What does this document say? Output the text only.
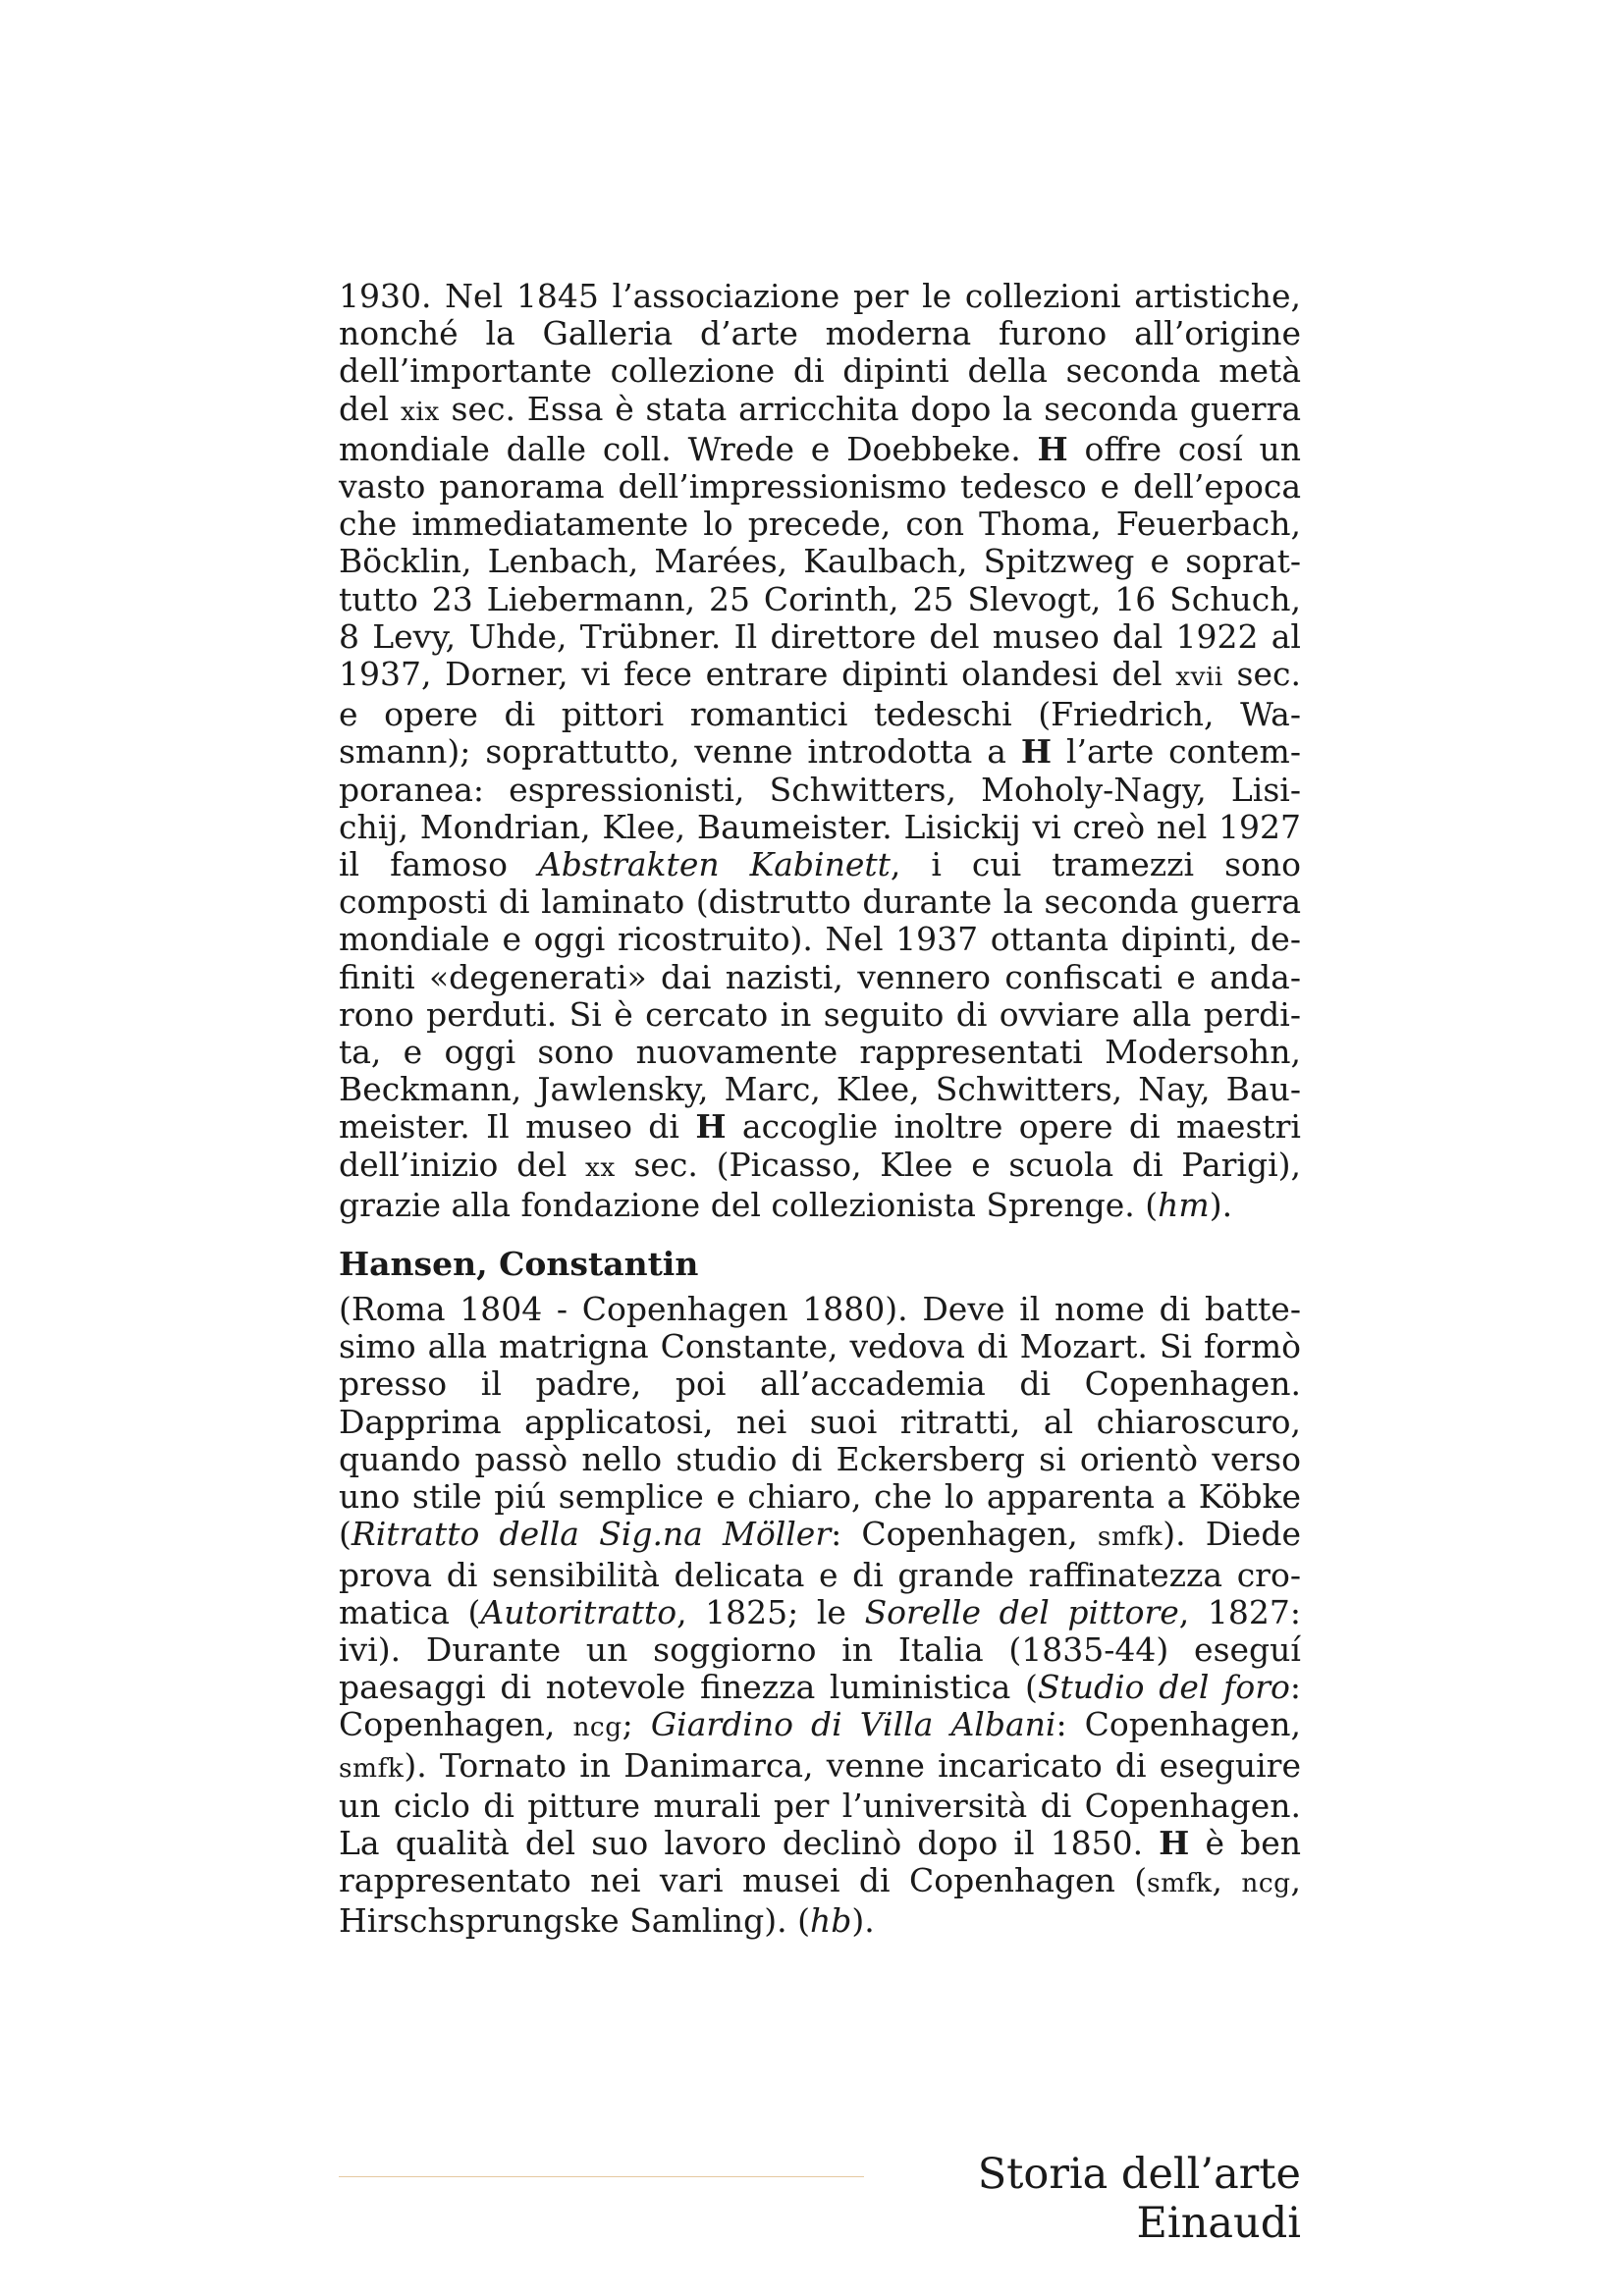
1930. Nel 1845 l’associazione per le collezioni artistiche, nonché la Galleria d’arte moderna furono all’origine dell’importante collezione di dipinti della seconda metà del xix sec. Essa è stata arricchita dopo la seconda guerra mondiale dalle coll. Wrede e Doebbeke. H offre cosí un vasto panorama dell’impressionismo tedesco e dell’epoca che immediatamente lo precede, con Thoma, Feuerbach, Böcklin, Lenbach, Marées, Kaulbach, Spitzweg e soprattutto 23 Liebermann, 25 Corinth, 25 Slevogt, 16 Schuch, 8 Levy, Uhde, Trübner. Il direttore del museo dal 1922 al 1937, Dorner, vi fece entrare dipinti olandesi del xvii sec. e opere di pittori romantici tedeschi (Friedrich, Wasmann); soprattutto, venne introdotta a H l’arte contemporanea: espressionisti, Schwitters, Moholy-Nagy, Lisichij, Mondrian, Klee, Baumeister. Lisickij vi creò nel 1927 il famoso Abstrakten Kabinett, i cui tramezzi sono composti di laminato (distrutto durante la seconda guerra mondiale e oggi ricostruito). Nel 1937 ottanta dipinti, definiti «degenerati» dai nazisti, vennero confiscati e andarono perduti. Si è cercato in seguito di ovviare alla perdita, e oggi sono nuovamente rappresentati Modersohn, Beckmann, Jawlensky, Marc, Klee, Schwitters, Nay, Baumeister. Il museo di H accoglie inoltre opere di maestri dell’inizio del xx sec. (Picasso, Klee e scuola di Parigi), grazie alla fondazione del collezionista Sprenge. (hm).

Hansen, Constantin

(Roma 1804 - Copenhagen 1880). Deve il nome di battesimo alla matrigna Constante, vedova di Mozart. Si formò presso il padre, poi all’accademia di Copenhagen. Dapprima applicatosi, nei suoi ritratti, al chiaroscuro, quando passò nello studio di Eckersberg si orientò verso uno stile piú semplice e chiaro, che lo apparenta a Köbke (Ritratto della Sig.na Möller: Copenhagen, smfk). Diede prova di sensibilità delicata e di grande raffinatezza cromatica (Autoritratto, 1825; le Sorelle del pittore, 1827: ivi). Durante un soggiorno in Italia (1835-44) eseguí paesaggi di notevole finezza luministica (Studio del foro: Copenhagen, ncg; Giardino di Villa Albani: Copenhagen, smfk). Tornato in Danimarca, venne incaricato di eseguire un ciclo di pitture murali per l’università di Copenhagen. La qualità del suo lavoro declinò dopo il 1850. H è ben rappresentato nei vari musei di Copenhagen (smfk, ncg, Hirschsprungske Samling). (hb).

Storia dell’arte Einaudi
